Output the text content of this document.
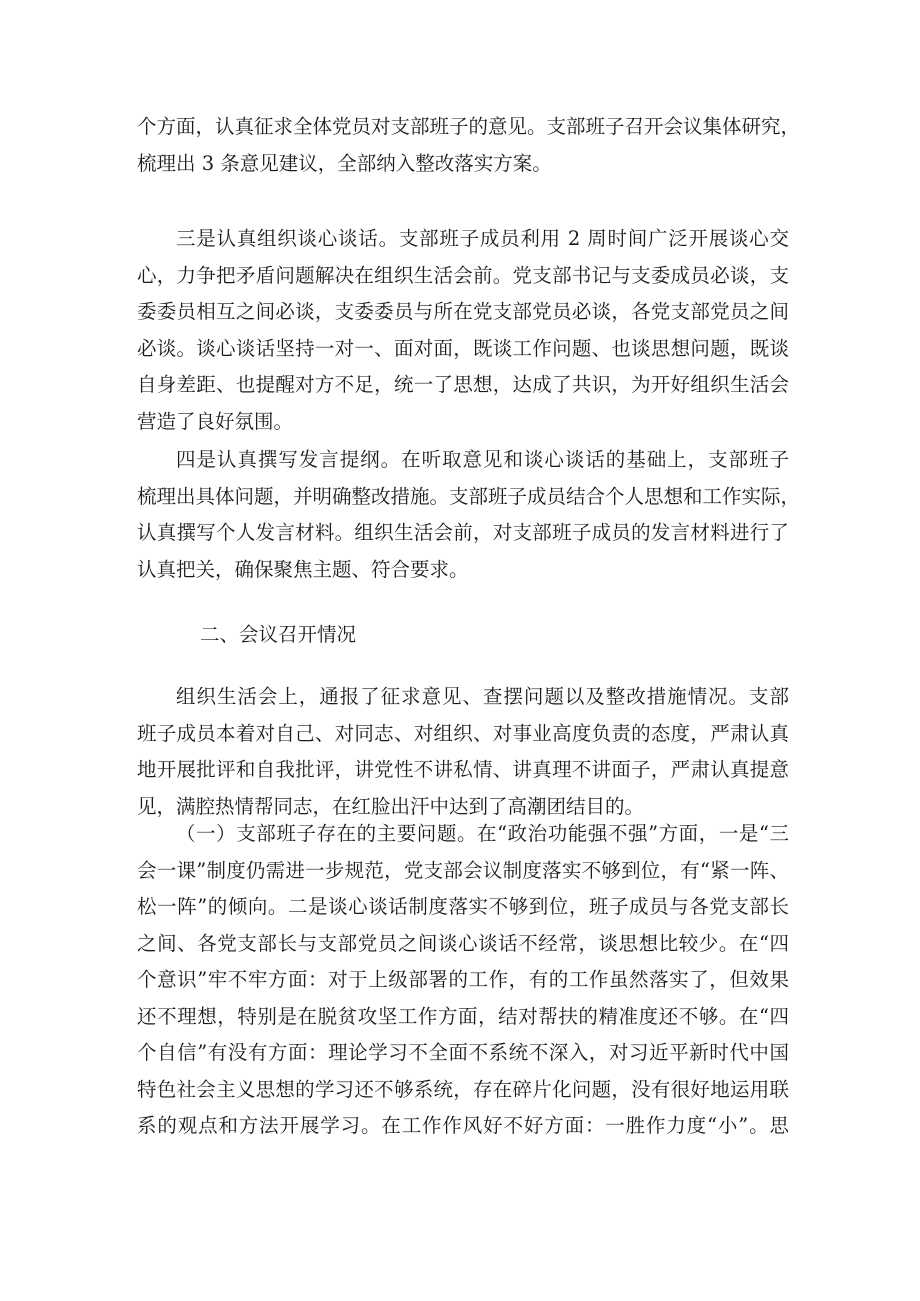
个方面，认真征求全体党员对支部班子的意见。支部班子召开会议集体研究，
梳理出 3 条意见建议，全部纳入整改落实方案。
三是认真组织谈心谈话。支部班子成员利用 2 周时间广泛开展谈心交
心，力争把矛盾问题解决在组织生活会前。党支部书记与支委成员必谈，支
委委员相互之间必谈，支委委员与所在党支部党员必谈，各党支部党员之间
必谈。谈心谈话坚持一对一、面对面，既谈工作问题、也谈思想问题，既谈
自身差距、也提醒对方不足，统一了思想，达成了共识，为开好组织生活会
营造了良好氛围。
四是认真撰写发言提纲。在听取意见和谈心谈话的基础上，支部班子
梳理出具体问题，并明确整改措施。支部班子成员结合个人思想和工作实际，
认真撰写个人发言材料。组织生活会前，对支部班子成员的发言材料进行了
认真把关，确保聚焦主题、符合要求。
二、会议召开情况
组织生活会上，通报了征求意见、查摆问题以及整改措施情况。支部
班子成员本着对自己、对同志、对组织、对事业高度负责的态度，严肃认真
地开展批评和自我批评，讲党性不讲私情、讲真理不讲面子，严肃认真提意
见，满腔热情帮同志，在红脸出汗中达到了高潮团结目的。
（一）支部班子存在的主要问题。在“政治功能强不强”方面，一是“三
会一课”制度仍需进一步规范，党支部会议制度落实不够到位，有“紧一阵、
松一阵”的倾向。二是谈心谈话制度落实不够到位，班子成员与各党支部长
之间、各党支部长与支部党员之间谈心谈话不经常，谈思想比较少。在“四
个意识”牢不牢方面：对于上级部署的工作，有的工作虽然落实了，但效果
还不理想，特别是在脱贫攻坚工作方面，结对帮扶的精准度还不够。在“四
个自信”有没有方面：理论学习不全面不系统不深入，对习近平新时代中国
特色社会主义思想的学习还不够系统，存在碎片化问题，没有很好地运用联
系的观点和方法开展学习。在工作作风好不好方面：一胜作力度“小”。思
